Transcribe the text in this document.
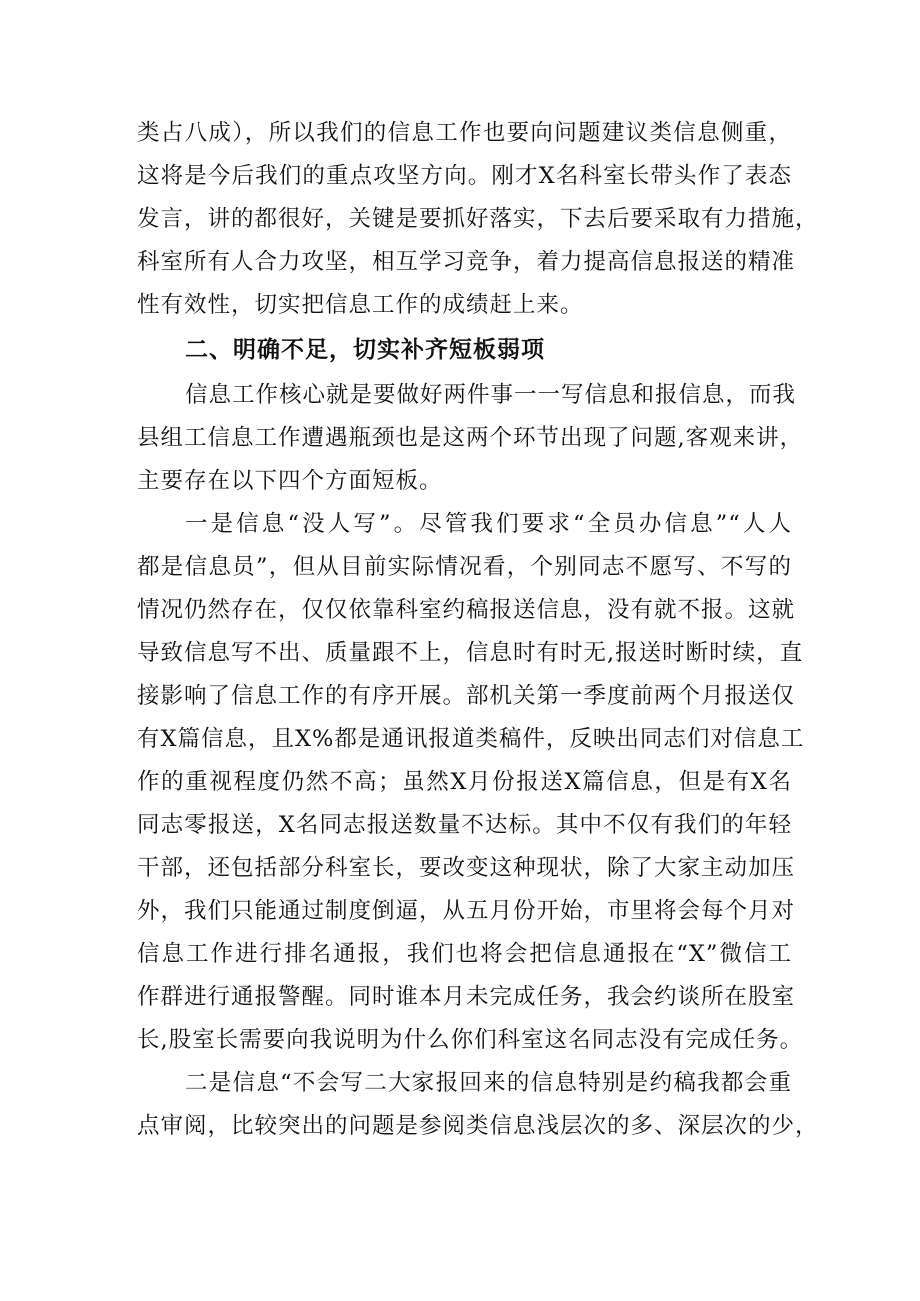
类占八成），所以我们的信息工作也要向问题建议类信息侧重，
这将是今后我们的重点攻坚方向。刚才X名科室长带头作了表态
发言，讲的都很好，关键是要抓好落实，下去后要采取有力措施，
科室所有人合力攻坚，相互学习竞争，着力提高信息报送的精准
性有效性，切实把信息工作的成绩赶上来。
二、明确不足，切实补齐短板弱项
信息工作核心就是要做好两件事一一写信息和报信息，而我
县组工信息工作遭遇瓶颈也是这两个环节出现了问题,客观来讲，
主要存在以下四个方面短板。
一是信息“没人写”。尽管我们要求“全员办信息”“人人
都是信息员”，但从目前实际情况看，个别同志不愿写、不写的
情况仍然存在，仅仅依靠科室约稿报送信息，没有就不报。这就
导致信息写不出、质量跟不上，信息时有时无,报送时断时续，直
接影响了信息工作的有序开展。部机关第一季度前两个月报送仅
有X篇信息，且X%都是通讯报道类稿件，反映出同志们对信息工
作的重视程度仍然不高；虽然X月份报送X篇信息，但是有X名
同志零报送，X名同志报送数量不达标。其中不仅有我们的年轻
干部，还包括部分科室长，要改变这种现状，除了大家主动加压
外，我们只能通过制度倒逼，从五月份开始，市里将会每个月对
信息工作进行排名通报，我们也将会把信息通报在“X”微信工
作群进行通报警醒。同时谁本月未完成任务，我会约谈所在股室
长,股室长需要向我说明为什么你们科室这名同志没有完成任务。
二是信息“不会写二大家报回来的信息特别是约稿我都会重
点审阅，比较突出的问题是参阅类信息浅层次的多、深层次的少，
